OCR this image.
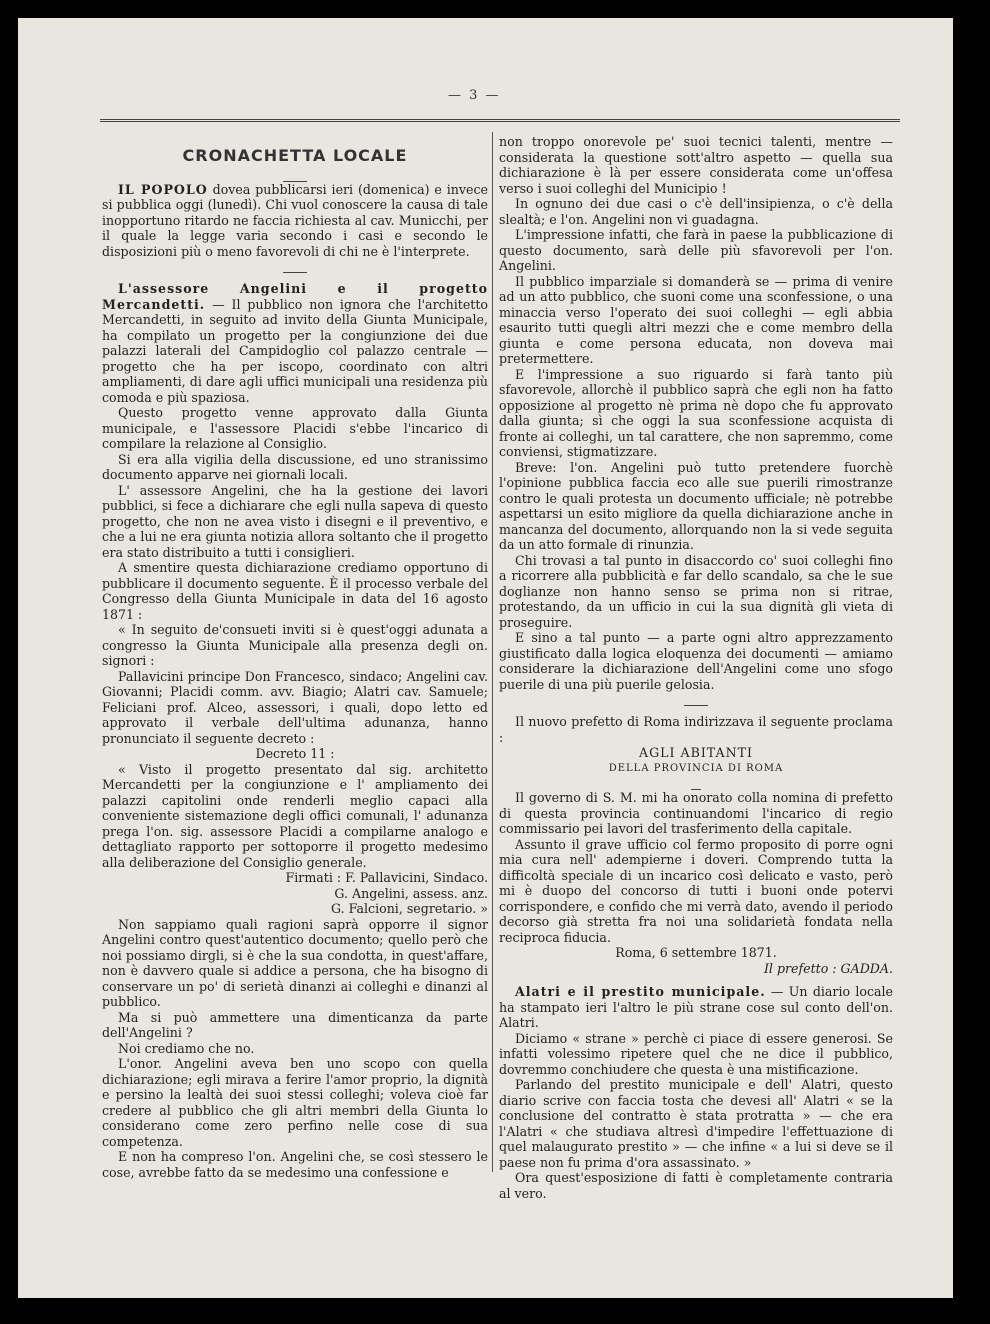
— 3 —
CRONACHETTA LOCALE

IL POPOLO dovea pubblicarsi ieri (domenica) e invece si pubblica oggi (lunedì). Chi vuol conoscere la causa di tale inopportuno ritardo ne faccia richiesta al cav. Municchi, per il quale la legge varia secondo i casi e secondo le disposizioni più o meno favorevoli di chi ne è l'interprete.

L'assessore Angelini e il progetto Mercandetti. — Il pubblico non ignora che l'architetto Mercandetti, in seguito ad invito della Giunta Municipale, ha compilato un progetto per la congiunzione dei due palazzi laterali del Campidoglio col palazzo centrale — progetto che ha per iscopo, coordinato con altri ampliamenti, di dare agli uffici municipali una residenza più comoda e più spaziosa.

Questo progetto venne approvato dalla Giunta municipale, e l'assessore Placidi s'ebbe l'incarico di compilare la relazione al Consiglio.

Si era alla vigilia della discussione, ed uno stranissimo documento apparve nei giornali locali.

L' assessore Angelini, che ha la gestione dei lavori pubblici, si fece a dichiarare che egli nulla sapeva di questo progetto, che non ne avea visto i disegni e il preventivo, e che a lui ne era giunta notizia allora soltanto che il progetto era stato distribuito a tutti i consiglieri.

A smentire questa dichiarazione crediamo opportuno di pubblicare il documento seguente. È il processo verbale del Congresso della Giunta Municipale in data del 16 agosto 1871 :

« In seguito de'consueti inviti si è quest'oggi adunata a congresso la Giunta Municipale alla presenza degli on. signori :

Pallavicini principe Don Francesco, sindaco; Angelini cav. Giovanni; Placidi comm. avv. Biagio; Alatri cav. Samuele; Feliciani prof. Alceo, assessori, i quali, dopo letto ed approvato il verbale dell'ultima adunanza, hanno pronunciato il seguente decreto :

Decreto 11 :

« Visto il progetto presentato dal sig. architetto Mercandetti per la congiunzione e l' ampliamento dei palazzi capitolini onde renderli meglio capaci alla conveniente sistemazione degli offici comunali, l' adunanza prega l'on. sig. assessore Placidi a compilarne analogo e dettagliato rapporto per sottoporre il progetto medesimo alla deliberazione del Consiglio generale.

Firmati : F. Pallavicini, Sindaco.

G. Angelini, assess. anz.

G. Falcioni, segretario. »

Non sappiamo quali ragioni saprà opporre il signor Angelini contro quest'autentico documento; quello però che noi possiamo dirgli, si è che la sua condotta, in quest'affare, non è davvero quale si addice a persona, che ha bisogno di conservare un po' di serietà dinanzi ai colleghi e dinanzi al pubblico.

Ma si può ammettere una dimenticanza da parte dell'Angelini ?

Noi crediamo che no.

L'onor. Angelini aveva ben uno scopo con quella dichiarazione; egli mirava a ferire l'amor proprio, la dignità e persino la lealtà dei suoi stessi colleghi; voleva cioè far credere al pubblico che gli altri membri della Giunta lo considerano come zero perfino nelle cose di sua competenza.

E non ha compreso l'on. Angelini che, se così stessero le cose, avrebbe fatto da se medesimo una confessione e

non troppo onorevole pe' suoi tecnici talenti, mentre — considerata la questione sott'altro aspetto — quella sua dichiarazione è là per essere considerata come un'offesa verso i suoi colleghi del Municipio !

In ognuno dei due casi o c'è dell'insipienza, o c'è della slealtà; e l'on. Angelini non vi guadagna.

L'impressione infatti, che farà in paese la pubblicazione di questo documento, sarà delle più sfavorevoli per l'on. Angelini.

Il pubblico imparziale si domanderà se — prima di venire ad un atto pubblico, che suoni come una sconfessione, o una minaccia verso l'operato dei suoi colleghi — egli abbia esaurito tutti quegli altri mezzi che e come membro della giunta e come persona educata, non doveva mai pretermettere.

E l'impressione a suo riguardo si farà tanto più sfavorevole, allorchè il pubblico saprà che egli non ha fatto opposizione al progetto nè prima nè dopo che fu approvato dalla giunta; sì che oggi la sua sconfessione acquista di fronte ai colleghi, un tal carattere, che non sapremmo, come conviensi, stigmatizzare.

Breve: l'on. Angelini può tutto pretendere fuorchè l'opinione pubblica faccia eco alle sue puerili rimostranze contro le quali protesta un documento ufficiale; nè potrebbe aspettarsi un esito migliore da quella dichiarazione anche in mancanza del documento, allorquando non la si vede seguita da un atto formale di rinunzia.

Chi trovasi a tal punto in disaccordo co' suoi colleghi fino a ricorrere alla pubblicità e far dello scandalo, sa che le sue doglianze non hanno senso se prima non si ritrae, protestando, da un ufficio in cui la sua dignità gli vieta di proseguire.

E sino a tal punto — a parte ogni altro apprezzamento giustificato dalla logica eloquenza dei documenti — amiamo considerare la dichiarazione dell'Angelini come uno sfogo puerile di una più puerile gelosia.

Il nuovo prefetto di Roma indirizzava il seguente proclama :

AGLI ABITANTI

DELLA PROVINCIA DI ROMA

Il governo di S. M. mi ha onorato colla nomina di prefetto di questa provincia continuandomi l'incarico di regio commissario pei lavori del trasferimento della capitale.

Assunto il grave ufficio col fermo proposito di porre ogni mia cura nell' adempierne i doveri. Comprendo tutta la difficoltà speciale di un incarico così delicato e vasto, però mi è duopo del concorso di tutti i buoni onde potervi corrispondere, e confido che mi verrà dato, avendo il periodo decorso già stretta fra noi una solidarietà fondata nella reciproca fiducia.

Roma, 6 settembre 1871.

Il prefetto : GADDA.

Alatri e il prestito municipale. — Un diario locale ha stampato ieri l'altro le più strane cose sul conto dell'on. Alatri.

Diciamo « strane » perchè ci piace di essere generosi. Se infatti volessimo ripetere quel che ne dice il pubblico, dovremmo conchiudere che questa è una mistificazione.

Parlando del prestito municipale e dell' Alatri, questo diario scrive con faccia tosta che devesi all' Alatri « se la conclusione del contratto è stata protratta » — che era l'Alatri « che studiava altresì d'impedire l'effettuazione di quel malaugurato prestito » — che infine « a lui si deve se il paese non fu prima d'ora assassinato. »

Ora quest'esposizione di fatti è completamente contraria al vero.
